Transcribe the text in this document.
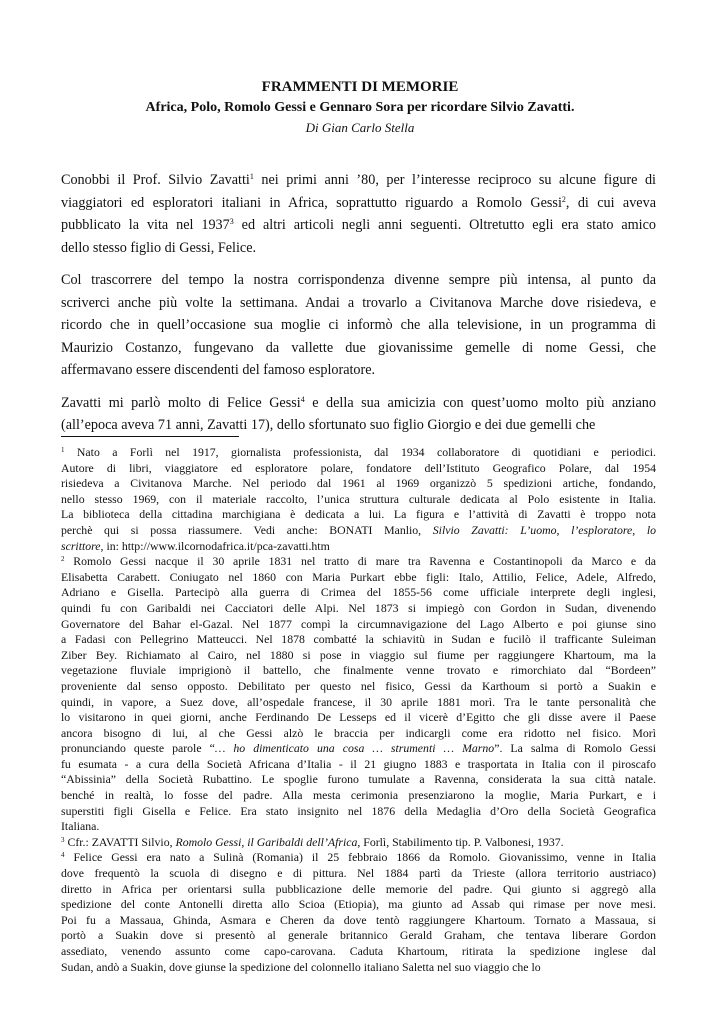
FRAMMENTI DI MEMORIE
Africa, Polo, Romolo Gessi e Gennaro Sora per ricordare Silvio Zavatti.
Di Gian Carlo Stella
Conobbi il Prof. Silvio Zavatti$^1$ nei primi anni ’80, per l’interesse reciproco su alcune figure di
viaggiatori ed esploratori italiani in Africa, soprattutto riguardo a Romolo Gessi$^2$, di cui aveva
pubblicato la vita nel 1937$^3$ ed altri articoli negli anni seguenti. Oltretutto egli era stato amico
dello stesso figlio di Gessi, Felice.
Col trascorrere del tempo la nostra corrispondenza divenne sempre più intensa, al punto da
scriverci anche più volte la settimana. Andai a trovarlo a Civitanova Marche dove risiedeva, e
ricordo che in quell’occasione sua moglie ci informò che alla televisione, in un programma di
Maurizio Costanzo, fungevano da vallette due giovanissime gemelle di nome Gessi, che
affermavano essere discendenti del famoso esploratore.
Zavatti mi parlò molto di Felice Gessi$^4$ e della sua amicizia con quest’uomo molto più anziano
(all’epoca aveva 71 anni, Zavatti 17), dello sfortunato suo figlio Giorgio e dei due gemelli che
$^1$ Nato a Forlì nel 1917, giornalista professionista, dal 1934 collaboratore di quotidiani e periodici.
Autore di libri, viaggiatore ed esploratore polare, fondatore dell’Istituto Geografico Polare, dal 1954
risiedeva a Civitanova Marche. Nel periodo dal 1961 al 1969 organizzò 5 spedizioni artiche, fondando,
nello stesso 1969, con il materiale raccolto, l’unica struttura culturale dedicata al Polo esistente in Italia.
La biblioteca della cittadina marchigiana è dedicata a lui. La figura e l’attività di Zavatti è troppo nota
perchè qui si possa riassumere. Vedi anche: BONATI Manlio, Silvio Zavatti: L’uomo, l’esploratore, lo
scrittore, in: http://www.ilcornodafrica.it/pca-zavatti.htm
$^2$ Romolo Gessi nacque il 30 aprile 1831 nel tratto di mare tra Ravenna e Costantinopoli da Marco e da
Elisabetta Carabett. Coniugato nel 1860 con Maria Purkart ebbe figli: Italo, Attilio, Felice, Adele, Alfredo,
Adriano e Gisella. Partecipò alla guerra di Crimea del 1855-56 come ufficiale interprete degli inglesi,
quindi fu con Garibaldi nei Cacciatori delle Alpi. Nel 1873 si impiegò con Gordon in Sudan, divenendo
Governatore del Bahar el-Gazal. Nel 1877 compì la circumnavigazione del Lago Alberto e poi giunse sino
a Fadasi con Pellegrino Matteucci. Nel 1878 combatté la schiavitù in Sudan e fucilò il trafficante Suleiman
Ziber Bey. Richiamato al Cairo, nel 1880 si pose in viaggio sul fiume per raggiungere Khartoum, ma la
vegetazione fluviale imprigionò il battello, che finalmente venne trovato e rimorchiato dal “Bordeen”
proveniente dal senso opposto. Debilitato per questo nel fisico, Gessi da Karthoum si portò a Suakin e
quindi, in vapore, a Suez dove, all’ospedale francese, il 30 aprile 1881 morì. Tra le tante personalità che
lo visitarono in quei giorni, anche Ferdinando De Lesseps ed il vicerè d’Egitto che gli disse avere il Paese
ancora bisogno di lui, al che Gessi alzò le braccia per indicargli come era ridotto nel fisico. Morì
pronunciando queste parole “… ho dimenticato una cosa … strumenti … Marno”. La salma di Romolo Gessi
fu esumata - a cura della Società Africana d’Italia - il 21 giugno 1883 e trasportata in Italia con il piroscafo
“Abissinia” della Società Rubattino. Le spoglie furono tumulate a Ravenna, considerata la sua città natale.
benché in realtà, lo fosse del padre. Alla mesta cerimonia presenziarono la moglie, Maria Purkart, e i
superstiti figli Gisella e Felice. Era stato insignito nel 1876 della Medaglia d’Oro della Società Geografica
Italiana.
$^3$ Cfr.: ZAVATTI Silvio, Romolo Gessi, il Garibaldi dell’Africa, Forlì, Stabilimento tip. P. Valbonesi, 1937.
$^4$ Felice Gessi era nato a Sulinà (Romania) il 25 febbraio 1866 da Romolo. Giovanissimo, venne in Italia
dove frequentò la scuola di disegno e di pittura. Nel 1884 partì da Trieste (allora territorio austriaco)
diretto in Africa per orientarsi sulla pubblicazione delle memorie del padre. Qui giunto si aggregò alla
spedizione del conte Antonelli diretta allo Scioa (Etiopia), ma giunto ad Assab qui rimase per nove mesi.
Poi fu a Massaua, Ghinda, Asmara e Cheren da dove tentò raggiungere Khartoum. Tornato a Massaua, si
portò a Suakin dove si presentò al generale britannico Gerald Graham, che tentava liberare Gordon
assediato, venendo assunto come capo-carovana. Caduta Khartoum, ritirata la spedizione inglese dal
Sudan, andò a Suakin, dove giunse la spedizione del colonnello italiano Saletta nel suo viaggio che lo
